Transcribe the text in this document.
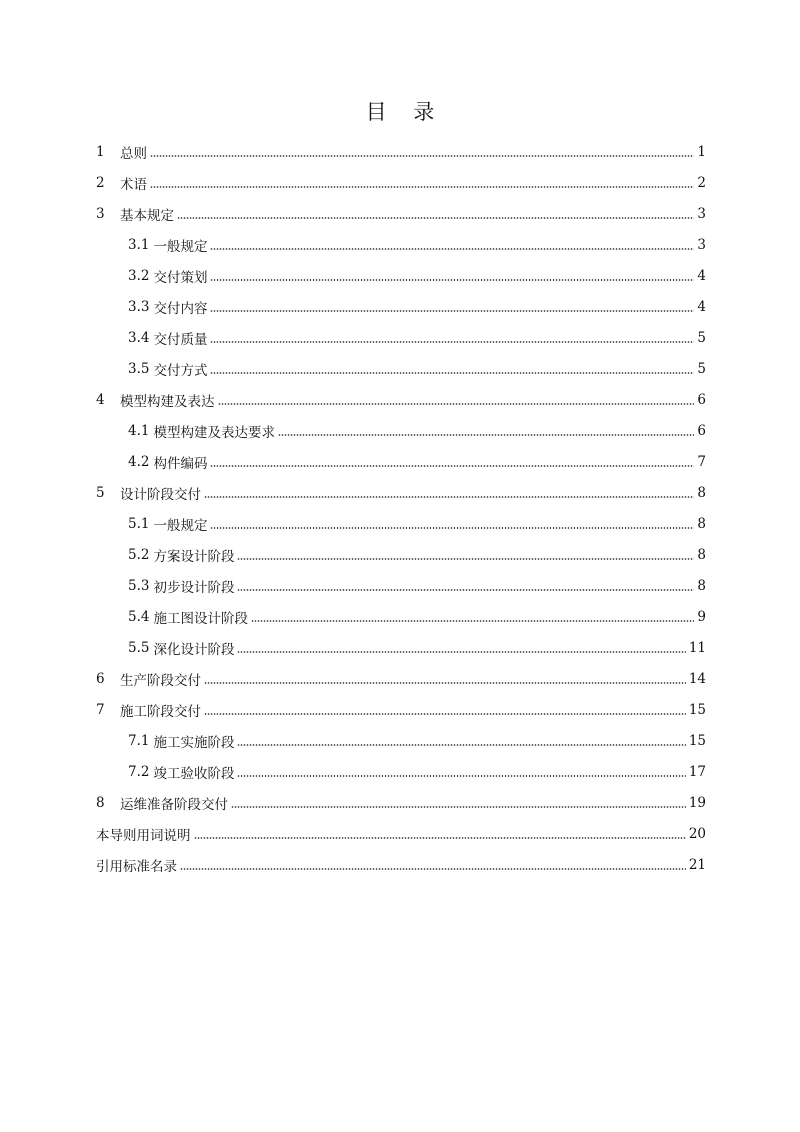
目 录
1	总则	1
2	术语	2
3	基本规定	3
3.1 一般规定	3
3.2 交付策划	4
3.3 交付内容	4
3.4 交付质量	5
3.5 交付方式	5
4	模型构建及表达	6
4.1 模型构建及表达要求	6
4.2 构件编码	7
5	设计阶段交付	8
5.1 一般规定	8
5.2 方案设计阶段	8
5.3 初步设计阶段	8
5.4 施工图设计阶段	9
5.5 深化设计阶段	11
6	生产阶段交付	14
7	施工阶段交付	15
7.1 施工实施阶段	15
7.2 竣工验收阶段	17
8	运维准备阶段交付	19
本导则用词说明	20
引用标准名录	21
